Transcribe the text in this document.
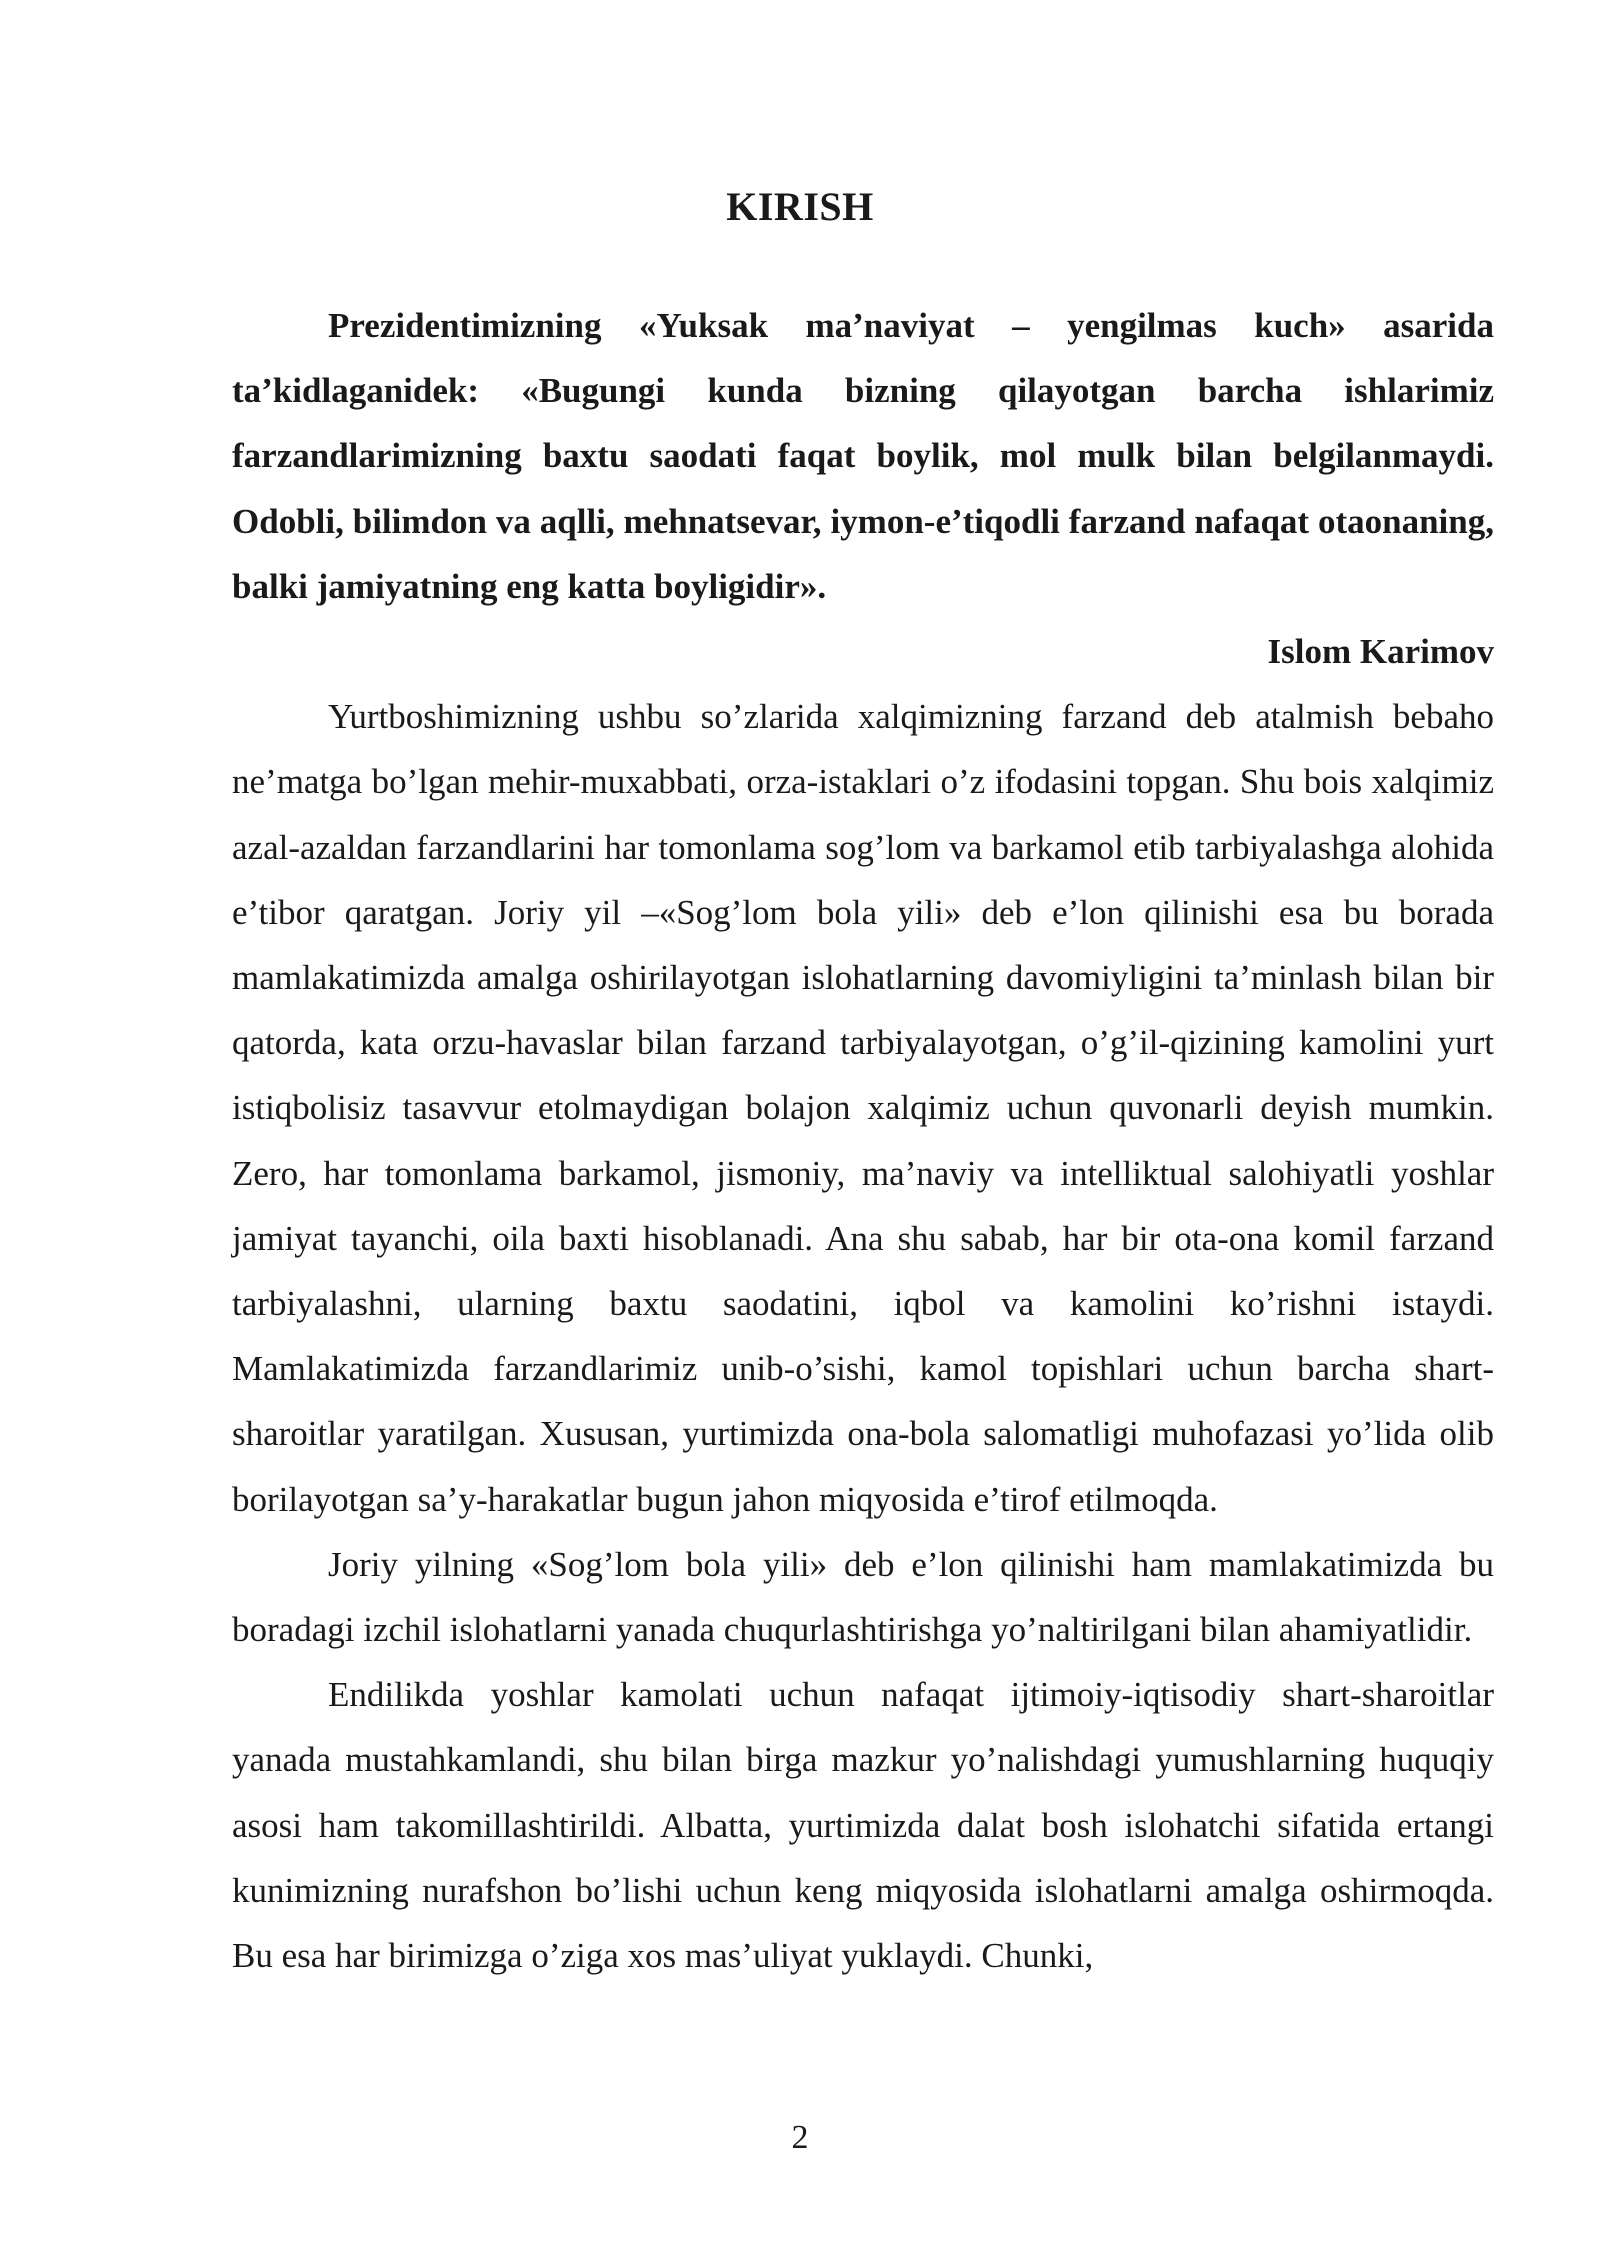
KIRISH

Prezidentimizning «Yuksak ma’naviyat – yengilmas kuch» asarida ta’kidlaganidek: «Bugungi kunda bizning qilayotgan barcha ishlarimiz farzandlarimizning baxtu saodati faqat boylik, mol mulk bilan belgilanmaydi. Odobli, bilimdon va aqlli, mehnatsevar, iymon-e’tiqodli farzand nafaqat otaonaning, balki jamiyatning eng katta boyligidir».

Islom Karimov

Yurtboshimizning ushbu so’zlarida xalqimizning farzand deb atalmish bebaho ne’matga bo’lgan mehir-muxabbati, orza-istaklari o’z ifodasini topgan. Shu bois xalqimiz azal-azaldan farzandlarini har tomonlama sog’lom va barkamol etib tarbiyalashga alohida e’tibor qaratgan. Joriy yil –«Sog’lom bola yili» deb e’lon qilinishi esa bu borada mamlakatimizda amalga oshirilayotgan islohatlarning davomiyligini ta’minlash bilan bir qatorda, kata orzu-havaslar bilan farzand tarbiyalayotgan, o’g’il-qizining kamolini yurt istiqbolisiz tasavvur etolmaydigan bolajon xalqimiz uchun quvonarli deyish mumkin. Zero, har tomonlama barkamol, jismoniy, ma’naviy va intelliktual salohiyatli yoshlar jamiyat tayanchi, oila baxti hisoblanadi. Ana shu sabab, har bir ota-ona komil farzand tarbiyalashni, ularning baxtu saodatini, iqbol va kamolini ko’rishni istaydi. Mamlakatimizda farzandlarimiz unib-o’sishi, kamol topishlari uchun barcha shart-sharoitlar yaratilgan. Xususan, yurtimizda ona-bola salomatligi muhofazasi yo’lida olib borilayotgan sa’y-harakatlar bugun jahon miqyosida e’tirof etilmoqda.

Joriy yilning «Sog’lom bola yili» deb e’lon qilinishi ham mamlakatimizda bu boradagi izchil islohatlarni yanada chuqurlashtirishga yo’naltirilgani bilan ahamiyatlidir.

Endilikda yoshlar kamolati uchun nafaqat ijtimoiy-iqtisodiy shart-sharoitlar yanada mustahkamlandi, shu bilan birga mazkur yo’nalishdagi yumushlarning huquqiy asosi ham takomillashtirildi. Albatta, yurtimizda dalat bosh islohatchi sifatida ertangi kunimizning nurafshon bo’lishi uchun keng miqyosida islohatlarni amalga oshirmoqda. Bu esa har birimizga o’ziga xos mas’uliyat yuklaydi. Chunki,

2
